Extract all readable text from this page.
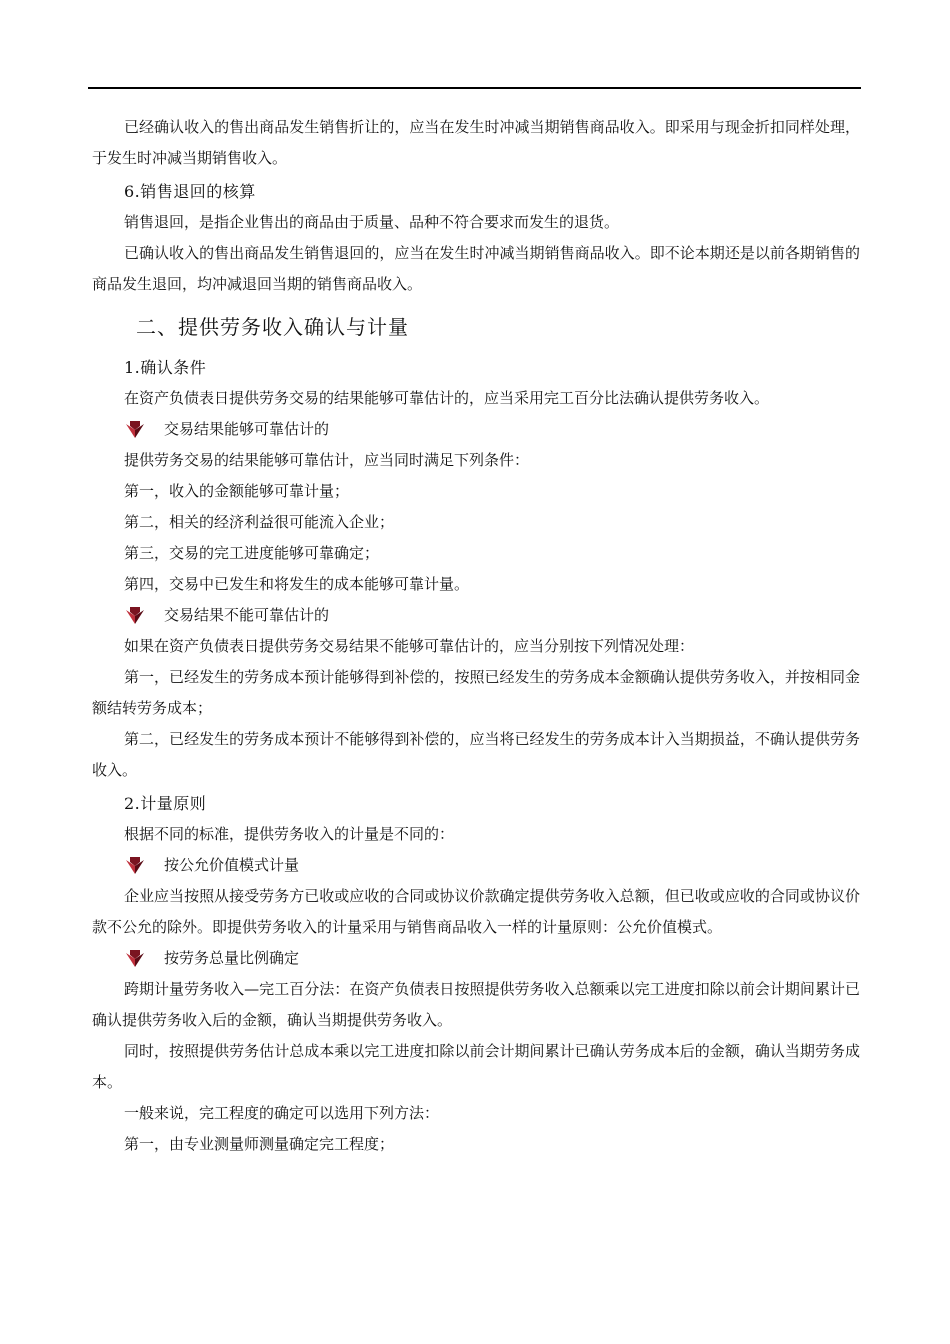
已经确认收入的售出商品发生销售折让的，应当在发生时冲减当期销售商品收入。即采用与现金折扣同样处理，于发生时冲减当期销售收入。

6.销售退回的核算

销售退回，是指企业售出的商品由于质量、品种不符合要求而发生的退货。

已确认收入的售出商品发生销售退回的，应当在发生时冲减当期销售商品收入。即不论本期还是以前各期销售的商品发生退回，均冲减退回当期的销售商品收入。

二、提供劳务收入确认与计量

1.确认条件

在资产负债表日提供劳务交易的结果能够可靠估计的，应当采用完工百分比法确认提供劳务收入。

交易结果能够可靠估计的

提供劳务交易的结果能够可靠估计，应当同时满足下列条件：

第一，收入的金额能够可靠计量；

第二，相关的经济利益很可能流入企业；

第三，交易的完工进度能够可靠确定；

第四，交易中已发生和将发生的成本能够可靠计量。

交易结果不能可靠估计的

如果在资产负债表日提供劳务交易结果不能够可靠估计的，应当分别按下列情况处理：

第一，已经发生的劳务成本预计能够得到补偿的，按照已经发生的劳务成本金额确认提供劳务收入，并按相同金额结转劳务成本；

第二，已经发生的劳务成本预计不能够得到补偿的，应当将已经发生的劳务成本计入当期损益，不确认提供劳务收入。

2.计量原则

根据不同的标准，提供劳务收入的计量是不同的：

按公允价值模式计量

企业应当按照从接受劳务方已收或应收的合同或协议价款确定提供劳务收入总额，但已收或应收的合同或协议价款不公允的除外。即提供劳务收入的计量采用与销售商品收入一样的计量原则：公允价值模式。

按劳务总量比例确定

跨期计量劳务收入—完工百分法：在资产负债表日按照提供劳务收入总额乘以完工进度扣除以前会计期间累计已确认提供劳务收入后的金额，确认当期提供劳务收入。

同时，按照提供劳务估计总成本乘以完工进度扣除以前会计期间累计已确认劳务成本后的金额，确认当期劳务成本。

一般来说，完工程度的确定可以选用下列方法：

第一，由专业测量师测量确定完工程度；
